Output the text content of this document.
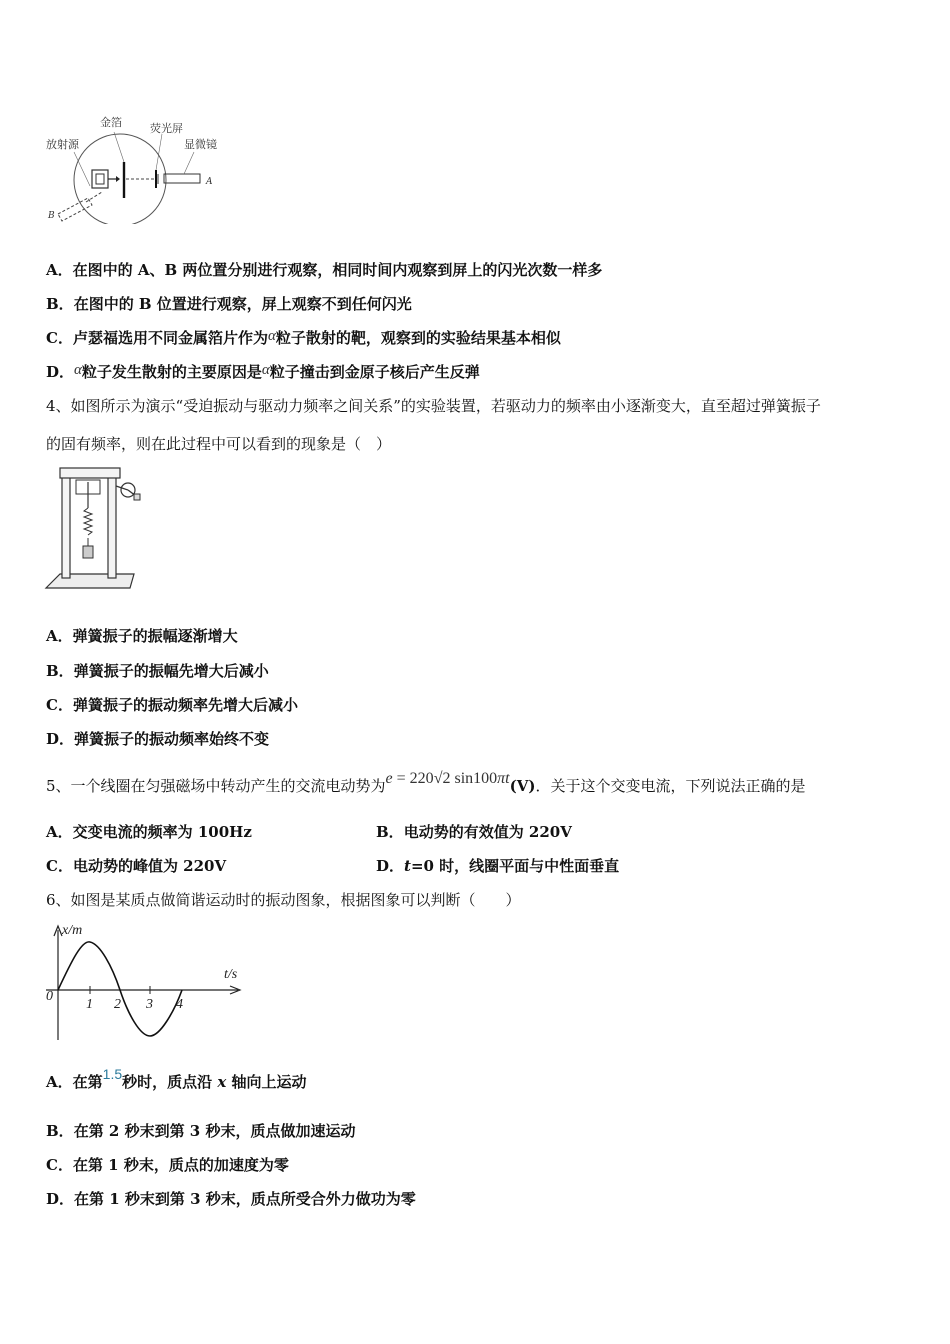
放射源
金箔	荧光屏
显微镜
A
B
A．在图中的 A、B 两位置分别进行观察，相同时间内观察到屏上的闪光次数一样多
B．在图中的 B 位置进行观察，屏上观察不到任何闪光
C．卢瑟福选用不同金属箔片作为α粒子散射的靶，观察到的实验结果基本相似
D．α粒子发生散射的主要原因是α粒子撞击到金原子核后产生反弹
4、如图所示为演示“受迫振动与驱动力频率之间关系”的实验装置，若驱动力的频率由小逐渐变大，直至超过弹簧振子
的固有频率，则在此过程中可以看到的现象是（　）
A．弹簧振子的振幅逐渐增大
B．弹簧振子的振幅先增大后减小
C．弹簧振子的振动频率先增大后减小
D．弹簧振子的振动频率始终不变
5、一个线圈在匀强磁场中转动产生的交流电动势为e = 220√2 sin100πt(V)．关于这个交变电流，下列说法正确的是
A．交变电流的频率为 100Hz	B．电动势的有效值为 220V
C．电动势的峰值为 220V	D．t=0 时，线圈平面与中性面垂直
6、如图是某质点做简谐运动时的振动图象，根据图象可以判断（　　）
x/m
t/s
0
1 2 3 4
A．在第1.5秒时，质点沿 x 轴向上运动
B．在第 2 秒末到第 3 秒末，质点做加速运动
C．在第 1 秒末，质点的加速度为零
D．在第 1 秒末到第 3 秒末，质点所受合外力做功为零
